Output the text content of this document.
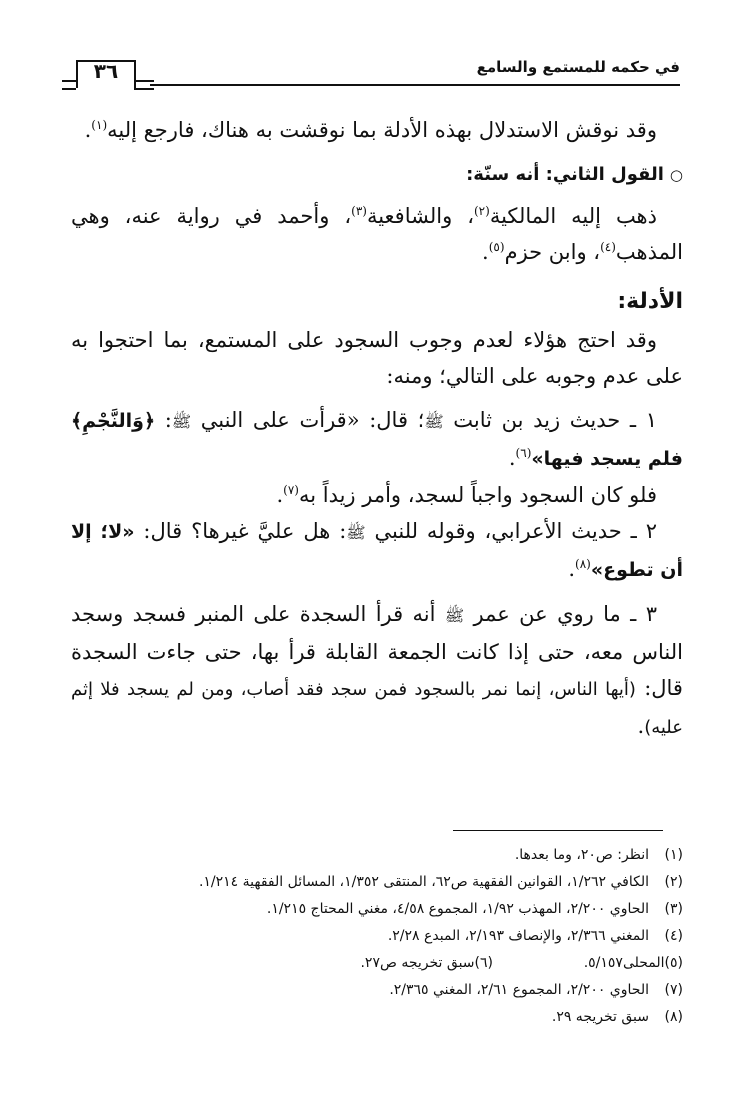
في حكمه للمستمع والسامع
٣٦

وقد نوقش الاستدلال بهذه الأدلة بما نوقشت به هناك، فارجع إليه$^{(١)}$.

○القول الثاني: أنه سنّة:

ذهب إليه المالكية$^{(٢)}$، والشافعية$^{(٣)}$، وأحمد في رواية عنه، وهي المذهب$^{(٤)}$، وابن حزم$^{(٥)}$.

الأدلة:

وقد احتج هؤلاء لعدم وجوب السجود على المستمع، بما احتجوا به على عدم وجوبه على التالي؛ ومنه:

١ ـ حديث زيد بن ثابت ﷺ؛ قال: «قرأت على النبي ﷺ: ﴿وَالنَّجْمِ﴾ فلم يسجد فيها»$^{(٦)}$.

فلو كان السجود واجباً لسجد، وأمر زيداً به$^{(٧)}$.

٢ ـ حديث الأعرابي، وقوله للنبي ﷺ: هل عليَّ غيرها؟ قال: «لا؛ إلا أن تطوع»$^{(٨)}$.

٣ ـ ما روي عن عمر ﷺ أنه قرأ السجدة على المنبر فسجد وسجد الناس معه، حتى إذا كانت الجمعة القابلة قرأ بها، حتى جاءت السجدة قال: (أيها الناس، إنما نمر بالسجود فمن سجد فقد أصاب، ومن لم يسجد فلا إثم عليه).

(١)
انظر: ص٢٠، وما بعدها.
(٢)
الكافي ١/٢٦٢، القوانين الفقهية ص٦٢، المنتقى ١/٣٥٢، المسائل الفقهية ١/٢١٤.
(٣)
الحاوي ٢/٢٠٠، المهذب ١/٩٢، المجموع ٤/٥٨، مغني المحتاج ١/٢١٥.
(٤)
المغني ٢/٣٦٦، والإنصاف ٢/١٩٣، المبدع ٢/٢٨.
(٥)
المحلى٥/١٥٧.
(٦)
سبق تخريجه ص٢٧.
(٧)
الحاوي ٢/٢٠٠، المجموع ٢/٦١، المغني ٢/٣٦٥.
(٨)
سبق تخريجه ٢٩.
